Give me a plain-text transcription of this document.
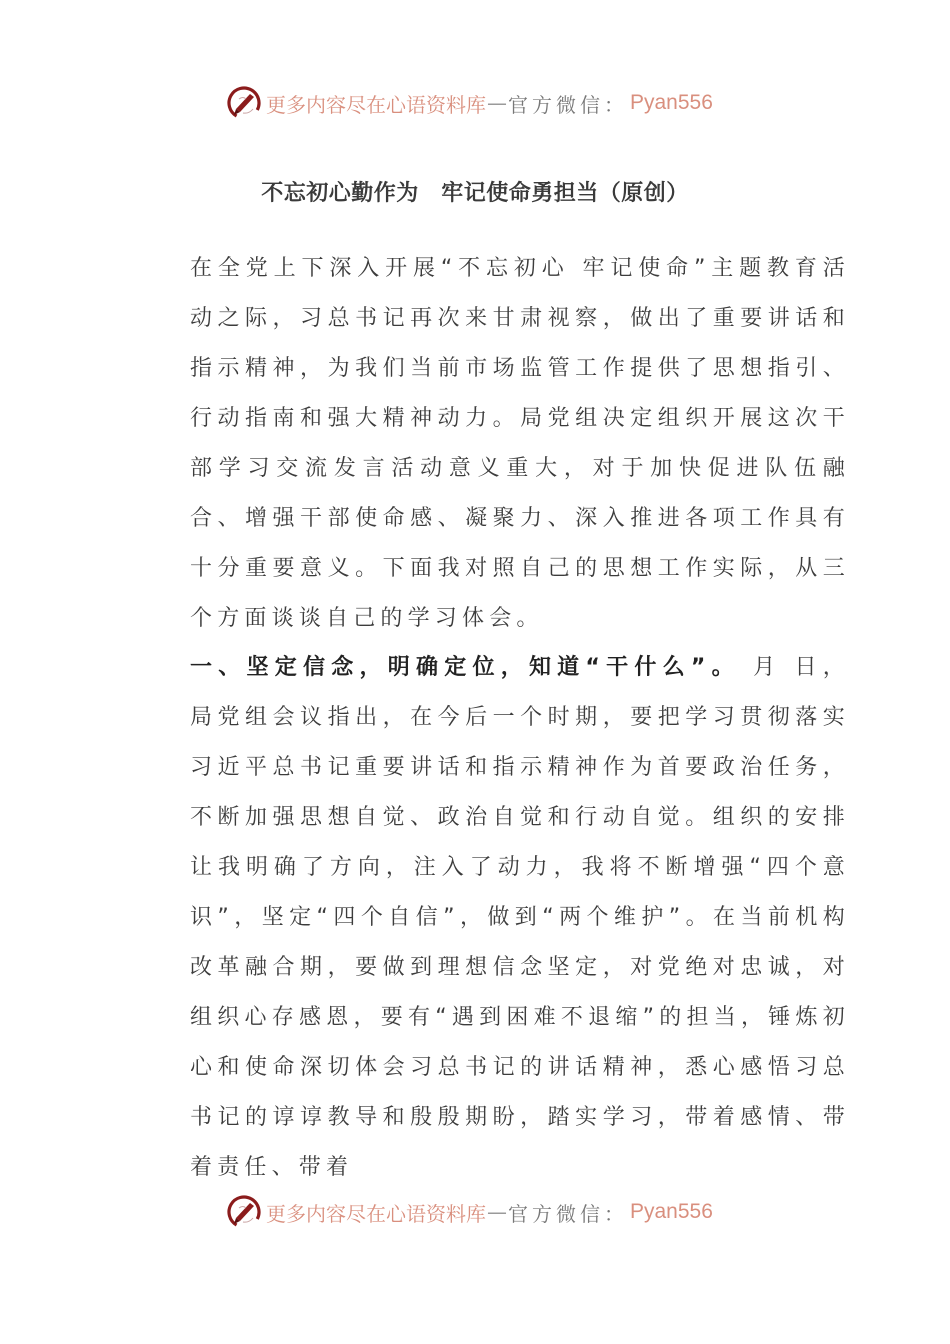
更多内容尽在心语资料库 — 官方微信： Pyan556
不忘初心勤作为　牢记使命勇担当（原创）
在全党上下深入开展“不忘初心 牢记使命”主题教育活动之际，习总书记再次来甘肃视察，做出了重要讲话和指示精神，为我们当前市场监管工作提供了思想指引、行动指南和强大精神动力。局党组决定组织开展这次干部学习交流发言活动意义重大，对于加快促进队伍融合、增强干部使命感、凝聚力、深入推进各项工作具有十分重要意义。下面我对照自己的思想工作实际，从三个方面谈谈自己的学习体会。
一、坚定信念，明确定位，知道“干什么”。 月 日，局党组会议指出，在今后一个时期，要把学习贯彻落实习近平总书记重要讲话和指示精神作为首要政治任务，不断加强思想自觉、政治自觉和行动自觉。组织的安排让我明确了方向，注入了动力，我将不断增强“四个意识”，坚定“四个自信”，做到“两个维护”。在当前机构改革融合期，要做到理想信念坚定，对党绝对忠诚，对组织心存感恩，要有“遇到困难不退缩”的担当，锤炼初心和使命深切体会习总书记的讲话精神，悉心感悟习总书记的谆谆教导和殷殷期盼，踏实学习，带着感情、带着责任、带着
更多内容尽在心语资料库 — 官方微信： Pyan556
